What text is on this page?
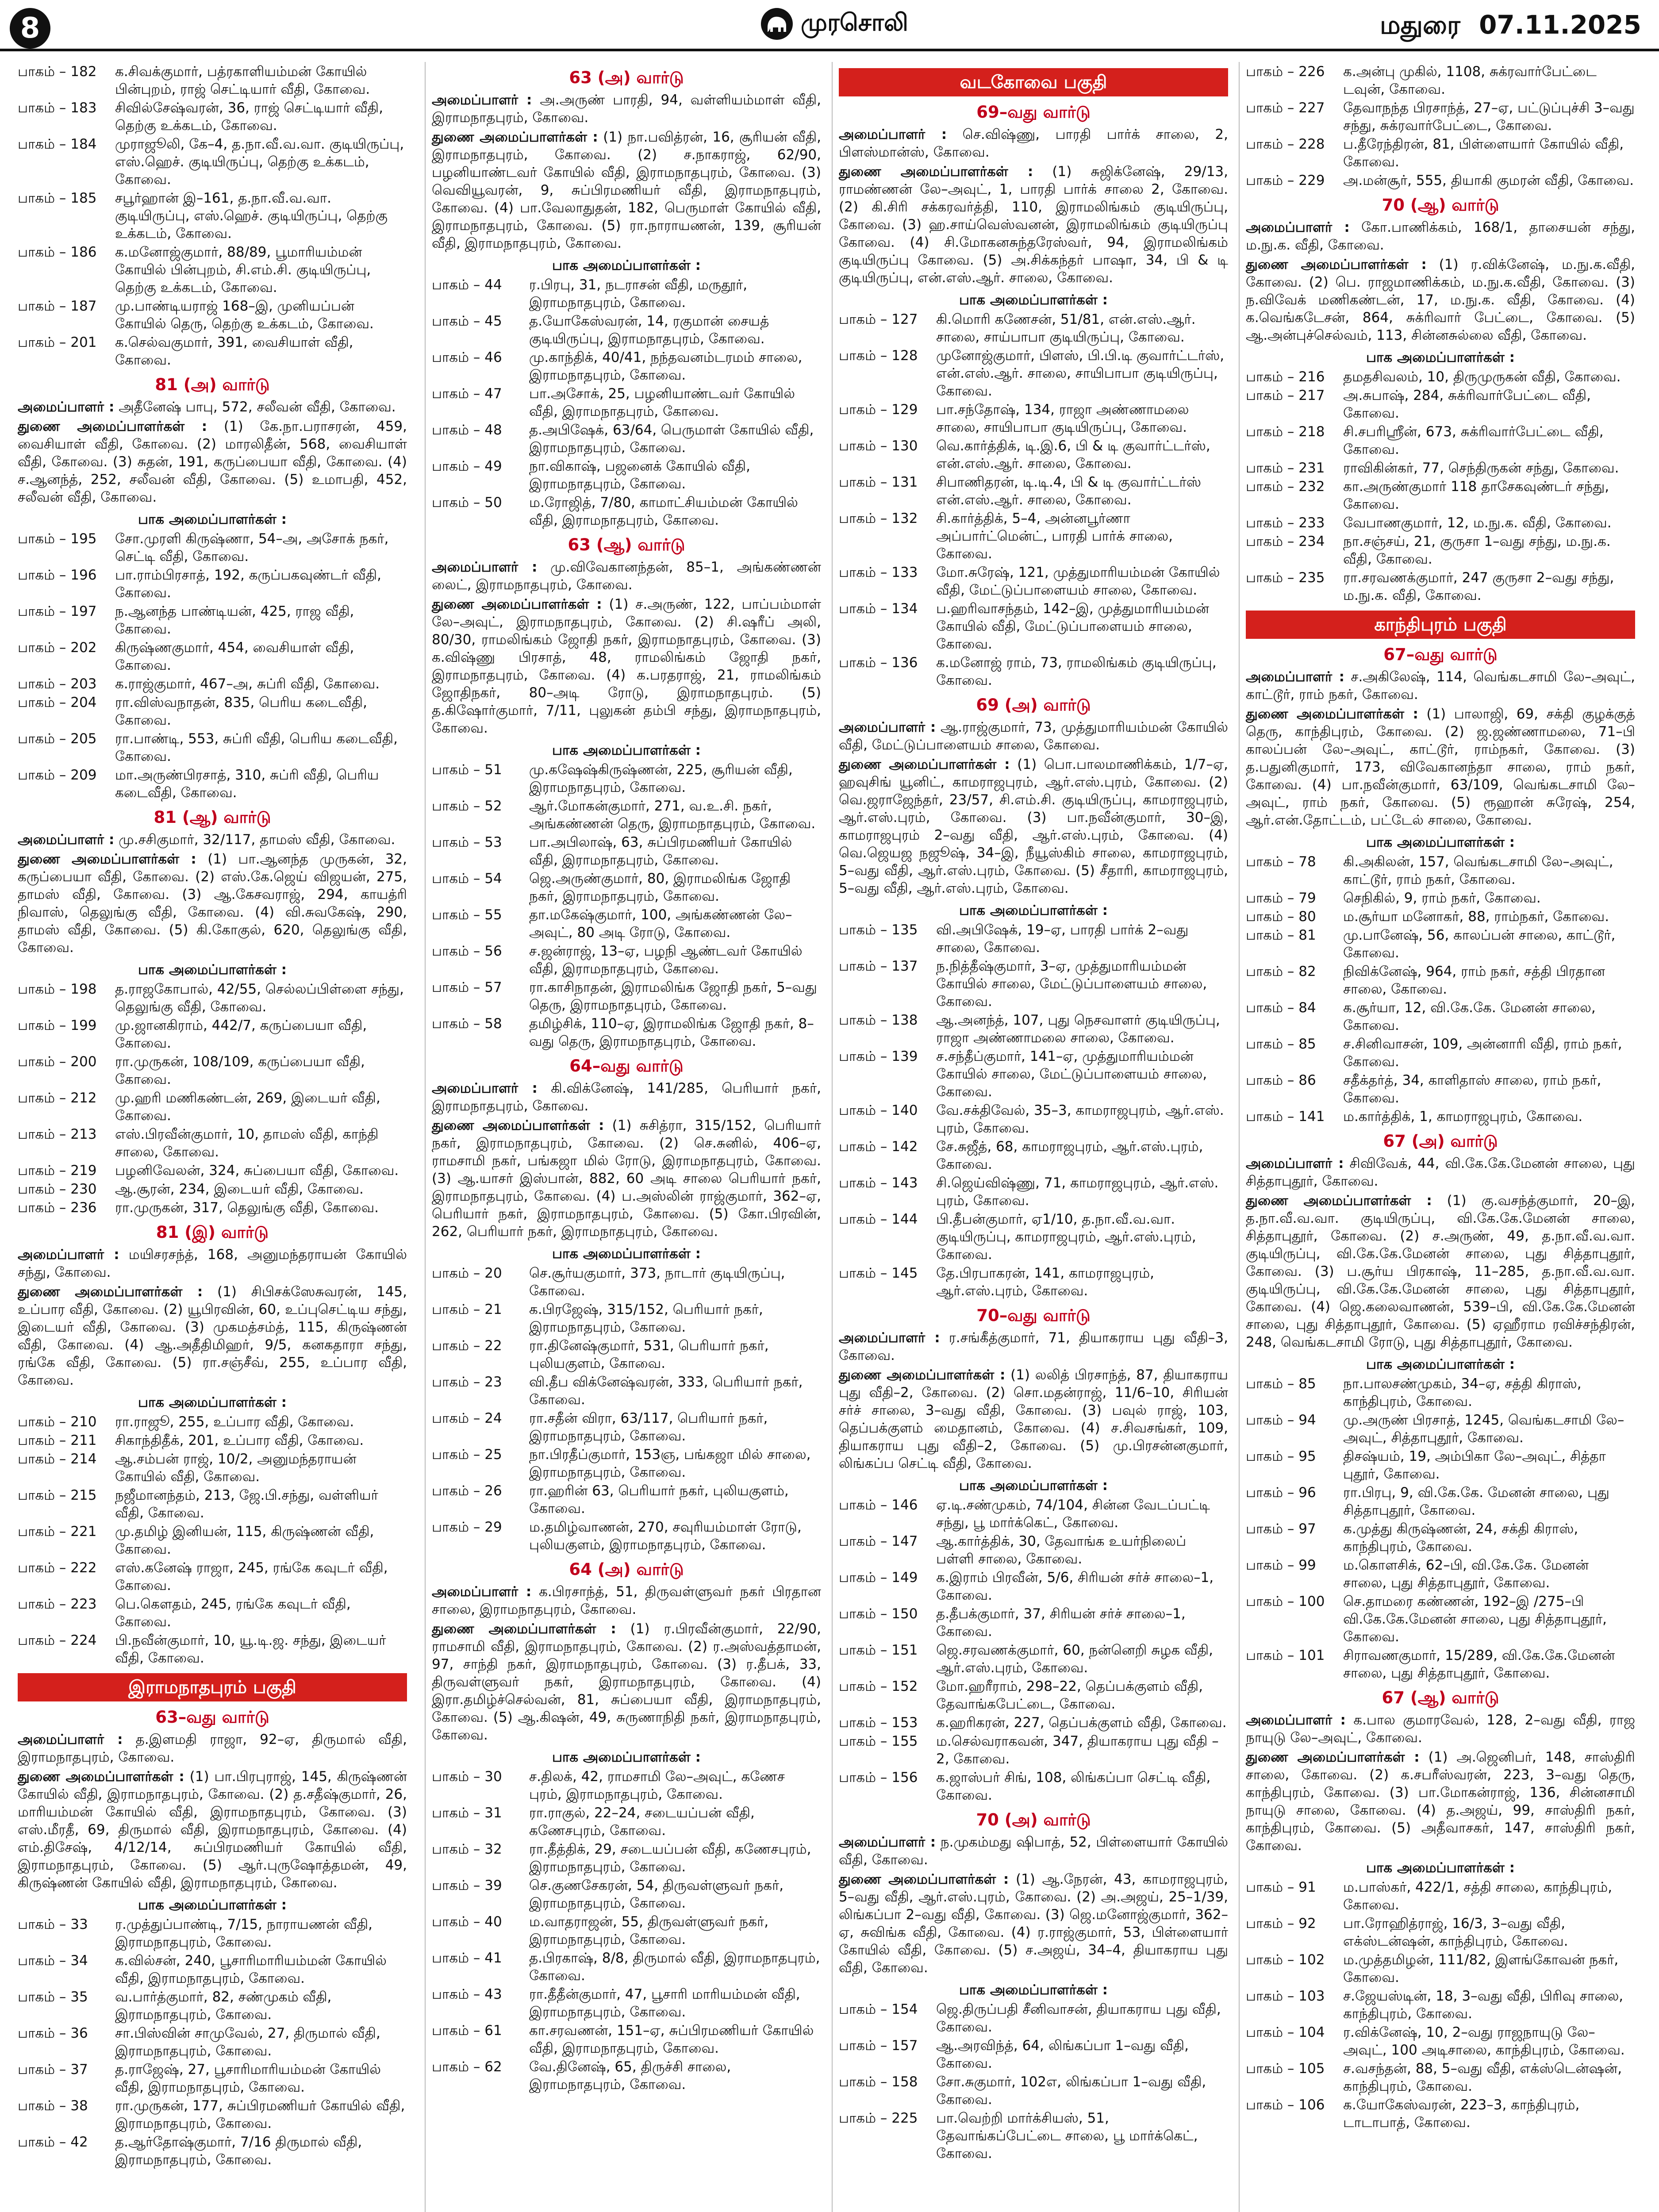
8	முரசொலி	மதுரை 07.11.2025
பாகம் – 182	க.சிவக்குமார், பத்ரகாளியம்மன் கோயில் பின்புறம், ராஜ் செட்டியார் வீதி, கோவை.
பாகம் – 183	சிவில்சேஷ்வரன், 36, ராஜ் செட்டியார் வீதி, தெற்கு உக்கடம், கோவை.
பாகம் – 184	முராஜூலி, கே–4, த.நா.வீ.வ.வா. குடியிருப்பு, எஸ்.ஹெச். குடியிருப்பு, தெற்கு உக்கடம், கோவை.
பாகம் – 185	சபூர்ஹான் இ–161, த.நா.வீ.வ.வா. குடியிருப்பு, எஸ்.ஹெச். குடியிருப்பு, தெற்கு உக்கடம், கோவை.
பாகம் – 186	க.மனோஜ்குமார், 88/89, பூமாரியம்மன் கோயில் பின்புறம், சி.எம்.சி. குடியிருப்பு, தெற்கு உக்கடம், கோவை.
பாகம் – 187	மு.பாண்டியராஜ் 168–இ, முனியப்பன் கோயில் தெரு, தெற்கு உக்கடம், கோவை.
பாகம் – 201	க.செல்வகுமார், 391, வைசியாள் வீதி, கோவை.
81 (அ) வார்டு
அமைப்பாளர் : அதீனேஷ் பாபு, 572, சலீவன் வீதி, கோவை.
துணை அமைப்பாளர்கள் : (1) கே.நா.பராசரன், 459, வைசியாள் வீதி, கோவை. (2) மாரலிதீன், 568, வைசியாள் வீதி, கோவை. (3) சுதன், 191, கருப்பையா வீதி, கோவை. (4) ச.ஆனந்த், 252, சலீவன் வீதி, கோவை. (5) உமாபதி, 452, சலீவன் வீதி, கோவை.
பாக அமைப்பாளர்கள் :
பாகம் – 195	சோ.முரளி கிருஷ்ணா, 54–அ, அசோக் நகர், செட்டி வீதி, கோவை.
பாகம் – 196	பா.ராம்பிரசாத், 192, கருப்பகவுண்டர் வீதி, கோவை.
பாகம் – 197	ந.ஆனந்த பாண்டியன், 425, ராஜ வீதி, கோவை.
பாகம் – 202	கிருஷ்ணகுமார், 454, வைசியாள் வீதி, கோவை.
பாகம் – 203	க.ராஜ்குமார், 467–அ, சுப்ரி வீதி, கோவை.
பாகம் – 204	ரா.விஸ்வநாதன், 835, பெரிய கடைவீதி, கோவை.
பாகம் – 205	ரா.பாண்டி, 553, சுப்ரி வீதி, பெரிய கடைவீதி, கோவை.
பாகம் – 209	மா.அருண்பிரசாத், 310, சுப்ரி வீதி, பெரிய கடைவீதி, கோவை.
81 (ஆ) வார்டு
அமைப்பாளர் : மு.சசிகுமார், 32/117, தாமஸ் வீதி, கோவை.
துணை அமைப்பாளர்கள் : (1) பா.ஆனந்த முருகன், 32, கருப்பையா வீதி, கோவை. (2) எஸ்.கே.ஜெய் விஜயன், 275, தாமஸ் வீதி, கோவை. (3) ஆ.கேசவராஜ், 294, காயத்ரி நிவாஸ், தெலுங்கு வீதி, கோவை. (4) வி.சுவகேஷ், 290, தாமஸ் வீதி, கோவை. (5) கி.கோகுல், 620, தெலுங்கு வீதி, கோவை.
பாக அமைப்பாளர்கள் :
பாகம் – 198	த.ராஜகோபால், 42/55, செல்லப்பிள்ளை சந்து, தெலுங்கு வீதி, கோவை.
பாகம் – 199	மு.ஜானகிராம், 442/7, கருப்பையா வீதி, கோவை.
பாகம் – 200	ரா.முருகன், 108/109, கருப்பையா வீதி, கோவை.
பாகம் – 212	மு.ஹரி மணிகண்டன், 269, இடையர் வீதி, கோவை.
பாகம் – 213	எஸ்.பிரவீன்குமார், 10, தாமஸ் வீதி, காந்தி சாலை, கோவை.
பாகம் – 219	பழனிவேலன், 324, சுப்பையா வீதி, கோவை.
பாகம் – 230	ஆ.சூரன், 234, இடையர் வீதி, கோவை.
பாகம் – 236	ரா.முருகன், 317, தெலுங்கு வீதி, கோவை.
81 (இ) வார்டு
அமைப்பாளர் : மயிசரசந்த், 168, அனுமந்தராயன் கோயில் சந்து, கோவை.
துணை அமைப்பாளர்கள் : (1) சிபிசக்ஸேசுவரன், 145, உப்பார வீதி, கோவை. (2) யூபிரவின், 60, உப்புசெட்டிய சந்து, இடையர் வீதி, கோவை. (3) முகமத்சம்த், 115, கிருஷ்ணன் வீதி, கோவை. (4) ஆ.அதீதிமிஹர், 9/5, கனகதாரா சந்து, ரங்கே வீதி, கோவை. (5) ரா.சஞ்சீவ், 255, உப்பார வீதி, கோவை.
பாக அமைப்பாளர்கள் :
பாகம் – 210	ரா.ராஜூ, 255, உப்பார வீதி, கோவை.
பாகம் – 211	சிகாந்திதீக், 201, உப்பார வீதி, கோவை.
பாகம் – 214	ஆ.சம்பன் ராஜ், 10/2, அனுமந்தராயன் கோயில் வீதி, கோவை.
பாகம் – 215	நஜீமானந்தம், 213, ஜே.பி.சந்து, வள்ளியர் வீதி, கோவை.
பாகம் – 221	மு.தமிழ் இனியன், 115, கிருஷ்ணன் வீதி, கோவை.
பாகம் – 222	எஸ்.கனேஷ் ராஜா, 245, ரங்கே கவுடர் வீதி, கோவை.
பாகம் – 223	பெ.கெளதம், 245, ரங்கே கவுடர் வீதி, கோவை.
பாகம் – 224	பி.நவீன்குமார், 10, யூ.டி.ஜ. சந்து, இடையர் வீதி, கோவை.
இராமநாதபுரம் பகுதி
63–வது வார்டு
அமைப்பாளர் : த.இளமதி ராஜா, 92–ஏ, திருமால் வீதி, இராமநாதபுரம், கோவை.
துணை அமைப்பாளர்கள் : (1) பா.பிரபுராஜ், 145, கிருஷ்ணன் கோயில் வீதி, இராமநாதபுரம், கோவை. (2) த.சதீஷ்குமார், 26, மாரியம்மன் கோயில் வீதி, இராமநாதபுரம், கோவை. (3) எஸ்.மீரதீ, 69, திருமால் வீதி, இராமநாதபுரம், கோவை. (4) எம்.திசேஷ், 4/12/14, சுப்பிரமணியர் கோயில் வீதி, இராமநாதபுரம், கோவை. (5) ஆர்.புருஷோத்தமன், 49, கிருஷ்ணன் கோயில் வீதி, இராமநாதபுரம், கோவை.
பாக அமைப்பாளர்கள் :
பாகம் – 33	ர.முத்துப்பாண்டி, 7/15, நாராயணன் வீதி, இராமநாதபுரம், கோவை.
பாகம் – 34	க.வில்சன், 240, பூசாரிமாரியம்மன் கோயில் வீதி, இராமநாதபுரம், கோவை.
பாகம் – 35	வ.பார்த்குமார், 82, சண்முகம் வீதி, இராமநாதபுரம், கோவை.
பாகம் – 36	சா.பிஸ்வின் சாமுவேல், 27, திருமால் வீதி, இராமநாதபுரம், கோவை.
பாகம் – 37	த.ராஜேஷ், 27, பூசாரிமாரியம்மன் கோயில் வீதி, இராமநாதபுரம், கோவை.
பாகம் – 38	ரா.முருகன், 177, சுப்பிரமணியர் கோயில் வீதி, இராமநாதபுரம், கோவை.
பாகம் – 42	த.ஆர்தோஷ்குமார், 7/16 திருமால் வீதி, இராமநாதபுரம், கோவை.
63 (அ) வார்டு
அமைப்பாளர் : அ.அருண் பாரதி, 94, வள்ளியம்மாள் வீதி, இராமநாதபுரம், கோவை.
துணை அமைப்பாளர்கள் : (1) நா.பவித்ரன், 16, சூரியன் வீதி, இராமநாதபுரம், கோவை. (2) ச.நாகராஜ், 62/90, பழனியாண்டவர் கோயில் வீதி, இராமநாதபுரம், கோவை. (3) வெவியூவரன், 9, சுப்பிரமணியர் வீதி, இராமநாதபுரம், கோவை. (4) பா.வேலாதுதன், 182, பெருமாள் கோயில் வீதி, இராமநாதபுரம், கோவை. (5) ரா.நாராயணன், 139, சூரியன் வீதி, இராமநாதபுரம், கோவை.
பாக அமைப்பாளர்கள் :
பாகம் – 44	ர.பிரபு, 31, நடராசன் வீதி, மருதூர், இராமநாதபுரம், கோவை.
பாகம் – 45	த.யோகேஸ்வரன், 14, ரகுமான் சையத் குடியிருப்பு, இராமநாதபுரம், கோவை.
பாகம் – 46	மு.காந்திக், 40/41, நந்தவனம்டரமம் சாலை, இராமநாதபுரம், கோவை.
பாகம் – 47	பா.அசோக், 25, பழனியாண்டவர் கோயில் வீதி, இராமநாதபுரம், கோவை.
பாகம் – 48	த.அபிஷேக், 63/64, பெருமாள் கோயில் வீதி, இராமநாதபுரம், கோவை.
பாகம் – 49	நா.விகாஷ், பஜனைக் கோயில் வீதி, இராமநாதபுரம், கோவை.
பாகம் – 50	ம.ரோஜித், 7/80, காமாட்சியம்மன் கோயில் வீதி, இராமநாதபுரம், கோவை.
63 (ஆ) வார்டு
அமைப்பாளர் : மு.விவேகானந்தன், 85–1, அங்கண்ணன் லைட், இராமநாதபுரம், கோவை.
துணை அமைப்பாளர்கள் : (1) ச.அருண், 122, பாப்பம்மாள் லே–அவுட், இராமநாதபுரம், கோவை. (2) சி.ஷரீப் அலி, 80/30, ராமலிங்கம் ஜோதி நகர், இராமநாதபுரம், கோவை. (3) க.விஷ்ணு பிரசாத், 48, ராமலிங்கம் ஜோதி நகர், இராமநாதபுரம், கோவை. (4) க.பரதராஜ், 21, ராமலிங்கம் ஜோதிநகர், 80–அடி ரோடு, இராமநாதபுரம். (5) த.கிஷோர்குமார், 7/11, புலுகன் தம்பி சந்து, இராமநாதபுரம், கோவை.
பாக அமைப்பாளர்கள் :
பாகம் – 51	மு.கஷேஷ்கிருஷ்ணன், 225, சூரியன் வீதி, இராமநாதபுரம், கோவை.
பாகம் – 52	ஆர்.மோகன்குமார், 271, வ.உ.சி. நகர், அங்கண்ணன் தெரு, இராமநாதபுரம், கோவை.
பாகம் – 53	பா.அபிலாஷ், 63, சுப்பிரமணியர் கோயில் வீதி, இராமநாதபுரம், கோவை.
பாகம் – 54	ஜெ.அருண்குமார், 80, இராமலிங்க ஜோதி நகர், இராமநாதபுரம், கோவை.
பாகம் – 55	தா.மகேஷ்குமார், 100, அங்கண்ணன் லே–அவுட், 80 அடி ரோடு, கோவை.
பாகம் – 56	ச.ஜன்ராஜ், 13–ஏ, பழநி ஆண்டவர் கோயில் வீதி, இராமநாதபுரம், கோவை.
பாகம் – 57	ரா.காசிநாதன், இராமலிங்க ஜோதி நகர், 5–வது தெரு, இராமநாதபுரம், கோவை.
பாகம் – 58	தமிழ்சிக், 110–ஏ, இராமலிங்க ஜோதி நகர், 8–வது தெரு, இராமநாதபுரம், கோவை.
64–வது வார்டு
அமைப்பாளர் : கி.விக்னேஷ், 141/285, பெரியார் நகர், இராமநாதபுரம், கோவை.
துணை அமைப்பாளர்கள் : (1) சுசித்ரா, 315/152, பெரியார் நகர், இராமநாதபுரம், கோவை. (2) செ.சுனில், 406–ஏ, ராமசாமி நகர், பங்கஜா மில் ரோடு, இராமநாதபுரம், கோவை. (3) ஆ.யாசர் இஸ்பான், 882, 60 அடி சாலை பெரியார் நகர், இராமநாதபுரம், கோவை. (4) ப.அஸ்லின் ராஜ்குமார், 362–ஏ, பெரியார் நகர், இராமநாதபுரம், கோவை. (5) கோ.பிரவின், 262, பெரியார் நகர், இராமநாதபுரம், கோவை.
பாக அமைப்பாளர்கள் :
பாகம் – 20	செ.சூர்யகுமார், 373, நாடார் குடியிருப்பு, கோவை.
பாகம் – 21	க.பிரஜேஷ், 315/152, பெரியார் நகர், இராமநாதபுரம், கோவை.
பாகம் – 22	ரா.தினேஷ்குமார், 531, பெரியார் நகர், புலியகுளம், கோவை.
பாகம் – 23	வி.தீப விக்னேஷ்வரன், 333, பெரியார் நகர், கோவை.
பாகம் – 24	ரா.சதீன் விரா, 63/117, பெரியார் நகர், இராமநாதபுரம், கோவை.
பாகம் – 25	நா.பிரதீப்குமார், 153ஞ, பங்கஜா மில் சாலை, இராமநாதபுரம், கோவை.
பாகம் – 26	ரா.ஹரின் 63, பெரியார் நகர், புலியகுளம், கோவை.
பாகம் – 29	ம.தமிழ்வாணன், 270, சவுரியம்மாள் ரோடு, புலியகுளம், இராமநாதபுரம், கோவை.
64 (அ) வார்டு
அமைப்பாளர் : க.பிரசாந்த், 51, திருவள்ளுவர் நகர் பிரதான சாலை, இராமநாதபுரம், கோவை.
துணை அமைப்பாளர்கள் : (1) ர.பிரவீன்குமார், 22/90, ராமசாமி வீதி, இராமநாதபுரம், கோவை. (2) ர.அஸ்வத்தாமன், 97, சாந்தி நகர், இராமநாதபுரம், கோவை. (3) ர.தீபக், 33, திருவள்ளுவர் நகர், இராமநாதபுரம், கோவை. (4) இரா.தமிழ்ச்செல்வன், 81, சுப்பையா வீதி, இராமநாதபுரம், கோவை. (5) ஆ.கிஷன், 49, சுருணாநிதி நகர், இராமநாதபுரம், கோவை.
பாக அமைப்பாளர்கள் :
பாகம் – 30	ச.திலக், 42, ராமசாமி லே–அவுட், கணேச புரம், இராமநாதபுரம், கோவை.
பாகம் – 31	ரா.ராகுல், 22–24, சடையப்பன் வீதி, கணேசபுரம், கோவை.
பாகம் – 32	ரா.தீத்திக், 29, சடையப்பன் வீதி, கணேசபுரம், இராமநாதபுரம், கோவை.
பாகம் – 39	செ.குணசேகரன், 54, திருவள்ளுவர் நகர், இராமநாதபுரம், கோவை.
பாகம் – 40	ம.வாதராஜன், 55, திருவள்ளுவர் நகர், இராமநாதபுரம், கோவை.
பாகம் – 41	த.பிரகாஷ், 8/8, திருமால் வீதி, இராமநாதபுரம், கோவை.
பாகம் – 43	ரா.தீதீன்குமார், 47, பூசாரி மாரியம்மன் வீதி, இராமநாதபுரம், கோவை.
பாகம் – 61	கா.சரவணன், 151–ஏ, சுப்பிரமணியர் கோயில் வீதி, இராமநாதபுரம், கோவை.
பாகம் – 62	வே.தினேஷ், 65, திருச்சி சாலை, இராமநாதபுரம், கோவை.
வடகோவை பகுதி
69–வது வார்டு
அமைப்பாளர் : செ.விஷ்ணு, பாரதி பார்க் சாலை, 2, பிளஸ்மான்ஸ், கோவை.
துணை அமைப்பாளர்கள் : (1) சுஜிக்னேஷ், 29/13, ராமண்ணன் லே–அவுட், 1, பாரதி பார்க் சாலை 2, கோவை. (2) கி.சிரி சக்கரவர்த்தி, 110, இராமலிங்கம் குடியிருப்பு, கோவை. (3) ஹ.சாய்வெஸ்வனன், இராமலிங்கம் குடியிருப்பு கோவை. (4) சி.மோகனசுந்தரேஸ்வர், 94, இராமலிங்கம் குடியிருப்பு கோவை. (5) அ.சிக்கந்தர் பாஷா, 34, பி & டி குடியிருப்பு, என்.எஸ்.ஆர். சாலை, கோவை.
பாக அமைப்பாளர்கள் :
பாகம் – 127	கி.மொரி கணேசன், 51/81, என்.எஸ்.ஆர். சாலை, சாய்பாபா குடியிருப்பு, கோவை.
பாகம் – 128	முனோஜ்குமார், பிளஸ், பி.பி.டி குவார்ட்டர்ஸ், என்.எஸ்.ஆர். சாலை, சாயிபாபா குடியிருப்பு, கோவை.
பாகம் – 129	பா.சந்தோஷ், 134, ராஜா அண்ணாமலை சாலை, சாயிபாபா குடியிருப்பு, கோவை.
பாகம் – 130	வெ.கார்த்திக், டி.இ.6, பி & டி குவார்ட்டர்ஸ், என்.எஸ்.ஆர். சாலை, கோவை.
பாகம் – 131	சிபாணிதரன், டி.டி.4, பி & டி குவார்ட்டர்ஸ் என்.எஸ்.ஆர். சாலை, கோவை.
பாகம் – 132	சி.கார்த்திக், 5–4, அன்னபூர்ணா அப்பார்ட்மென்ட், பாரதி பார்க் சாலை, கோவை.
பாகம் – 133	மோ.சுரேஷ், 121, முத்துமாரியம்மன் கோயில் வீதி, மேட்டுப்பாளையம் சாலை, கோவை.
பாகம் – 134	ப.ஹரிவாசந்தம், 142–இ, முத்துமாரியம்மன் கோயில் வீதி, மேட்டுப்பாளையம் சாலை, கோவை.
பாகம் – 136	க.மனோஜ் ராம், 73, ராமலிங்கம் குடியிருப்பு, கோவை.
69 (அ) வார்டு
அமைப்பாளர் : ஆ.ராஜ்குமார், 73, முத்துமாரியம்மன் கோயில் வீதி, மேட்டுப்பாளையம் சாலை, கோவை.
துணை அமைப்பாளர்கள் : (1) பொ.பாலமாணிக்கம், 1/7–ஏ, ஹவுசிங் யூனிட், காமராஜபுரம், ஆர்.எஸ்.புரம், கோவை. (2) வெ.ஜராஜேந்தர், 23/57, சி.எம்.சி. குடியிருப்பு, காமராஜபுரம், ஆர்.எஸ்.புரம், கோவை. (3) பா.நவீன்குமார், 30–இ, காமராஜபுரம் 2–வது வீதி, ஆர்.எஸ்.புரம், கோவை. (4) வெ.ஜெயஜ நஜூஷ், 34–இ, நீயூஸ்கிம் சாலை, காமராஜபுரம், 5–வது வீதி, ஆர்.எஸ்.புரம், கோவை. (5) சீதாரி, காமராஜபுரம், 5–வது வீதி, ஆர்.எஸ்.புரம், கோவை.
பாக அமைப்பாளர்கள் :
பாகம் – 135	வி.அபிஷேக், 19–ஏ, பாரதி பார்க் 2–வது சாலை, கோவை.
பாகம் – 137	ந.நித்தீஷ்குமார், 3–ஏ, முத்துமாரியம்மன் கோயில் சாலை, மேட்டுப்பாளையம் சாலை, கோவை.
பாகம் – 138	ஆ.அனந்த், 107, புது நெசவாளர் குடியிருப்பு, ராஜா அண்ணாமலை சாலை, கோவை.
பாகம் – 139	ச.சந்தீப்குமார், 141–ஏ, முத்துமாரியம்மன் கோயில் சாலை, மேட்டுப்பாளையம் சாலை, கோவை.
பாகம் – 140	வே.சக்திவேல், 35–3, காமராஜபுரம், ஆர்.எஸ். புரம், கோவை.
பாகம் – 142	சே.சுஜீத், 68, காமராஜபுரம், ஆர்.எஸ்.புரம், கோவை.
பாகம் – 143	சி.ஜெய்விஷ்ணு, 71, காமராஜபுரம், ஆர்.எஸ். புரம், கோவை.
பாகம் – 144	பி.தீபன்குமார், ஏ1/10, த.நா.வீ.வ.வா. குடியிருப்பு, காமராஜபுரம், ஆர்.எஸ்.புரம், கோவை.
பாகம் – 145	தே.பிரபாகரன், 141, காமராஜபுரம், ஆர்.எஸ்.புரம், கோவை.
70–வது வார்டு
அமைப்பாளர் : ர.சங்கீத்குமார், 71, தியாகராய புது வீதி–3, கோவை.
துணை அமைப்பாளர்கள் : (1) லலித் பிரசாந்த், 87, தியாகராய புது வீதி–2, கோவை. (2) சொ.மதன்ராஜ், 11/6–10, சிரியன் சர்ச் சாலை, 3–வது வீதி, கோவை. (3) பவுல் ராஜ், 103, தெப்பக்குளம் மைதானம், கோவை. (4) ச.சிவசங்கர், 109, தியாகராய புது வீதி–2, கோவை. (5) மு.பிரசன்னகுமார், லிங்கப்ப செட்டி வீதி, கோவை.
பாக அமைப்பாளர்கள் :
பாகம் – 146	ஏ.டி.சண்முகம், 74/104, சின்ன வேடப்பட்டி சந்து, பூ மார்க்கெட், கோவை.
பாகம் – 147	ஆ.கார்த்திக், 30, தேவாங்க உயர்நிலைப் பள்ளி சாலை, கோவை.
பாகம் – 149	க.இராம் பிரவீன், 5/6, சிரியன் சர்ச் சாலை–1, கோவை.
பாகம் – 150	த.தீபக்குமார், 37, சிரியன் சர்ச் சாலை–1, கோவை.
பாகம் – 151	ஜெ.சரவணக்குமார், 60, நன்னெறி சுழக வீதி, ஆர்.எஸ்.புரம், கோவை.
பாகம் – 152	மோ.ஹரீராம், 298–22, தெப்பக்குளம் வீதி, தேவாங்கபேட்டை, கோவை.
பாகம் – 153	க.ஹரிகரன், 227, தெப்பக்குளம் வீதி, கோவை.
பாகம் – 155	ம.செல்வராகவன், 347, தியாகராய புது வீதி – 2, கோவை.
பாகம் – 156	க.ஜாஸ்பர் சிங், 108, லிங்கப்பா செட்டி வீதி, கோவை.
70 (அ) வார்டு
அமைப்பாளர் : ந.முகம்மது ஷிபாத், 52, பிள்ளையார் கோயில் வீதி, கோவை.
துணை அமைப்பாளர்கள் : (1) ஆ.நேரன், 43, காமராஜபுரம், 5–வது வீதி, ஆர்.எஸ்.புரம், கோவை. (2) அ.அஜய், 25–1/39, லிங்கப்பா 2–வது வீதி, கோவை. (3) ஜெ.மனோஜ்குமார், 362–ஏ, சுவிங்க வீதி, கோவை. (4) ர.ராஜ்குமார், 53, பிள்ளையார் கோயில் வீதி, கோவை. (5) ச.அஜய், 34–4, தியாகராய புது வீதி, கோவை.
பாக அமைப்பாளர்கள் :
பாகம் – 154	ஜெ.திருப்பதி சீனிவாசன், தியாகராய புது வீதி, கோவை.
பாகம் – 157	ஆ.அரவிந்த், 64, லிங்கப்பா 1–வது வீதி, கோவை.
பாகம் – 158	சோ.சுகுமார், 102எ, லிங்கப்பா 1–வது வீதி, கோவை.
பாகம் – 225	பா.வெற்றி மார்க்சியஸ், 51, தேவாங்கப்பேட்டை சாலை, பூ மார்க்கெட், கோவை.
பாகம் – 226	க.அன்பு முகில், 1108, சுக்ரவார்பேட்டை டவுன், கோவை.
பாகம் – 227	தேவாநந்த பிரசாந்த், 27–ஏ, பட்டுப்புச்சி 3–வது சந்து, சுக்ரவார்பேட்டை, கோவை.
பாகம் – 228	ப.தீரேந்திரன், 81, பிள்ளையார் கோயில் வீதி, கோவை.
பாகம் – 229	அ.மன்சூர், 555, தியாகி குமரன் வீதி, கோவை.
70 (ஆ) வார்டு
அமைப்பாளர் : கோ.பாணிக்கம், 168/1, தாசையன் சந்து, ம.நு.க. வீதி, கோவை.
துணை அமைப்பாளர்கள் : (1) ர.விக்னேஷ், ம.நு.க.வீதி, கோவை. (2) பெ. ராஜமாணிக்கம், ம.நு.க.வீதி, கோவை. (3) ந.விவேக் மணிகண்டன், 17, ம.நு.க. வீதி, கோவை. (4) க.வெங்கடேசன், 864, சுக்ரிவார் பேட்டை, கோவை. (5) ஆ.அன்புச்செல்வம், 113, சின்னசுல்லை வீதி, கோவை.
பாக அமைப்பாளர்கள் :
பாகம் – 216	தமதசிவலம், 10, திருமுருகன் வீதி, கோவை.
பாகம் – 217	அ.சுபாஷ், 284, சுக்ரிவார்பேட்டை வீதி, கோவை.
பாகம் – 218	சி.சபரிஸ்ரீன், 673, சுக்ரிவார்பேட்டை வீதி, கோவை.
பாகம் – 231	ராவிகின்கர், 77, செந்திருகன் சந்து, கோவை.
பாகம் – 232	கா.அருண்குமார் 118 தாசேகவுண்டர் சந்து, கோவை.
பாகம் – 233	வேபாணகுமார், 12, ம.நு.க. வீதி, கோவை.
பாகம் – 234	நா.சஞ்சய், 21, குருசா 1–வது சந்து, ம.நு.க. வீதி, கோவை.
பாகம் – 235	ரா.சரவணக்குமார், 247 குருசா 2–வது சந்து, ம.நு.க. வீதி, கோவை.
காந்திபுரம் பகுதி
67–வது வார்டு
அமைப்பாளர் : ச.அகிலேஷ், 114, வெங்கடசாமி லே–அவுட், காட்டூர், ராம் நகர், கோவை.
துணை அமைப்பாளர்கள் : (1) பாலாஜி, 69, சக்தி குழக்குத் தெரு, காந்திபுரம், கோவை. (2) ஜ.ஜண்ணாமலை, 71–பி காலப்பன் லே–அவுட், காட்டூர், ராம்நகர், கோவை. (3) த.பதுனிகுமார், 173, விவேகானந்தா சாலை, ராம் நகர், கோவை. (4) பா.நவீன்குமார், 63/109, வெங்கடசாமி லே–அவுட், ராம் நகர், கோவை. (5) ரூஹான் சுரேஷ், 254, ஆர்.என்.தோட்டம், பட்டேல் சாலை, கோவை.
பாக அமைப்பாளர்கள் :
பாகம் – 78	கி.அகிலன், 157, வெங்கடசாமி லே–அவுட், காட்டூர், ராம் நகர், கோவை.
பாகம் – 79	செநிகில், 9, ராம் நகர், கோவை.
பாகம் – 80	ம.சூர்யா மனோகர், 88, ராம்நகர், கோவை.
பாகம் – 81	மு.பானேஷ், 56, காலப்பன் சாலை, காட்டூர், கோவை.
பாகம் – 82	நிவிக்னேஷ், 964, ராம் நகர், சத்தி பிரதான சாலை, கோவை.
பாகம் – 84	க.சூர்யா, 12, வி.கே.கே. மேனன் சாலை, கோவை.
பாகம் – 85	ச.சினிவாசன், 109, அன்னாரி வீதி, ராம் நகர், கோவை.
பாகம் – 86	சதீக்தர்த், 34, காளிதாஸ் சாலை, ராம் நகர், கோவை.
பாகம் – 141	ம.கார்த்திக், 1, காமராஜபுரம், கோவை.
67 (அ) வார்டு
அமைப்பாளர் : சிவிவேக், 44, வி.கே.கே.மேனன் சாலை, புது சித்தாபுதூர், கோவை.
துணை அமைப்பாளர்கள் : (1) கு.வசந்த்குமார், 20–இ, த.நா.வீ.வ.வா. குடியிருப்பு, வி.கே.கே.மேனன் சாலை, சித்தாபுதூர், கோவை. (2) ச.அருண், 49, த.நா.வீ.வ.வா. குடியிருப்பு, வி.கே.கே.மேனன் சாலை, புது சித்தாபுதூர், கோவை. (3) ப.சூர்ய பிரகாஷ், 11–285, த.நா.வீ.வ.வா. குடியிருப்பு, வி.கே.கே.மேனன் சாலை, புது சித்தாபுதூர், கோவை. (4) ஜெ.கலைவாணன், 539–பி, வி.கே.கே.மேனன் சாலை, புது சித்தாபுதூர், கோவை. (5) ஏஹீராம ரவிச்சந்திரன், 248, வெங்கடசாமி ரோடு, புது சித்தாபுதூர், கோவை.
பாக அமைப்பாளர்கள் :
பாகம் – 85	நா.பாலசண்முகம், 34–ஏ, சத்தி கிராஸ், காந்திபுரம், கோவை.
பாகம் – 94	மு.அருண் பிரசாத், 1245, வெங்கடசாமி லே–அவுட், சித்தாபுதூர், கோவை.
பாகம் – 95	திசஷ்யம், 19, அம்பிகா லே–அவுட், சித்தா புதூர், கோவை.
பாகம் – 96	ரா.பிரபு, 9, வி.கே.கே. மேனன் சாலை, புது சித்தாபுதூர், கோவை.
பாகம் – 97	க.முத்து கிருஷ்ணன், 24, சக்தி கிராஸ், காந்திபுரம், கோவை.
பாகம் – 99	ம.கொளசிக், 62–பி, வி.கே.கே. மேனன் சாலை, புது சித்தாபுதூர், கோவை.
பாகம் – 100	செ.தாமரை கண்ணன், 192–இ /275–பி வி.கே.கே.மேனன் சாலை, புது சித்தாபுதூர், கோவை.
பாகம் – 101	சிராவணகுமார், 15/289, வி.கே.கே.மேனன் சாலை, புது சித்தாபுதூர், கோவை.
67 (ஆ) வார்டு
அமைப்பாளர் : க.பால குமாரவேல், 128, 2–வது வீதி, ராஜ நாயுடு லே–அவுட், கோவை.
துணை அமைப்பாளர்கள் : (1) அ.ஜெனிபர், 148, சாஸ்திரி சாலை, கோவை. (2) க.சபரீஸ்வரன், 223, 3–வது தெரு, காந்திபுரம், கோவை. (3) பா.மோகன்ராஜ், 136, சின்னசாமி நாயுடு சாலை, கோவை. (4) த.அஜய், 99, சாஸ்திரி நகர், காந்திபுரம், கோவை. (5) அதீவாசகர், 147, சாஸ்திரி நகர், கோவை.
பாக அமைப்பாளர்கள் :
பாகம் – 91	ம.பாஸ்கர், 422/1, சத்தி சாலை, காந்திபுரம், கோவை.
பாகம் – 92	பா.ரோஹித்ராஜ், 16/3, 3–வது வீதி, எக்ஸ்டன்ஷன், காந்திபுரம், கோவை.
பாகம் – 102	ம.முத்தமிழன், 111/82, இளங்கோவன் நகர், கோவை.
பாகம் – 103	ச.ஜேயஸ்டின், 18, 3–வது வீதி, பிரிவு சாலை, காந்திபுரம், கோவை.
பாகம் – 104	ர.விக்னேஷ், 10, 2–வது ராஜநாயுடு லே–அவுட், 100 அடிசாலை, காந்திபுரம், கோவை.
பாகம் – 105	ச.வசந்தன், 88, 5–வது வீதி, எக்ஸ்டென்ஷன், காந்திபுரம், கோவை.
பாகம் – 106	க.யோகேஸ்வரன், 223–3, காந்திபுரம், டாடாபாத், கோவை.
